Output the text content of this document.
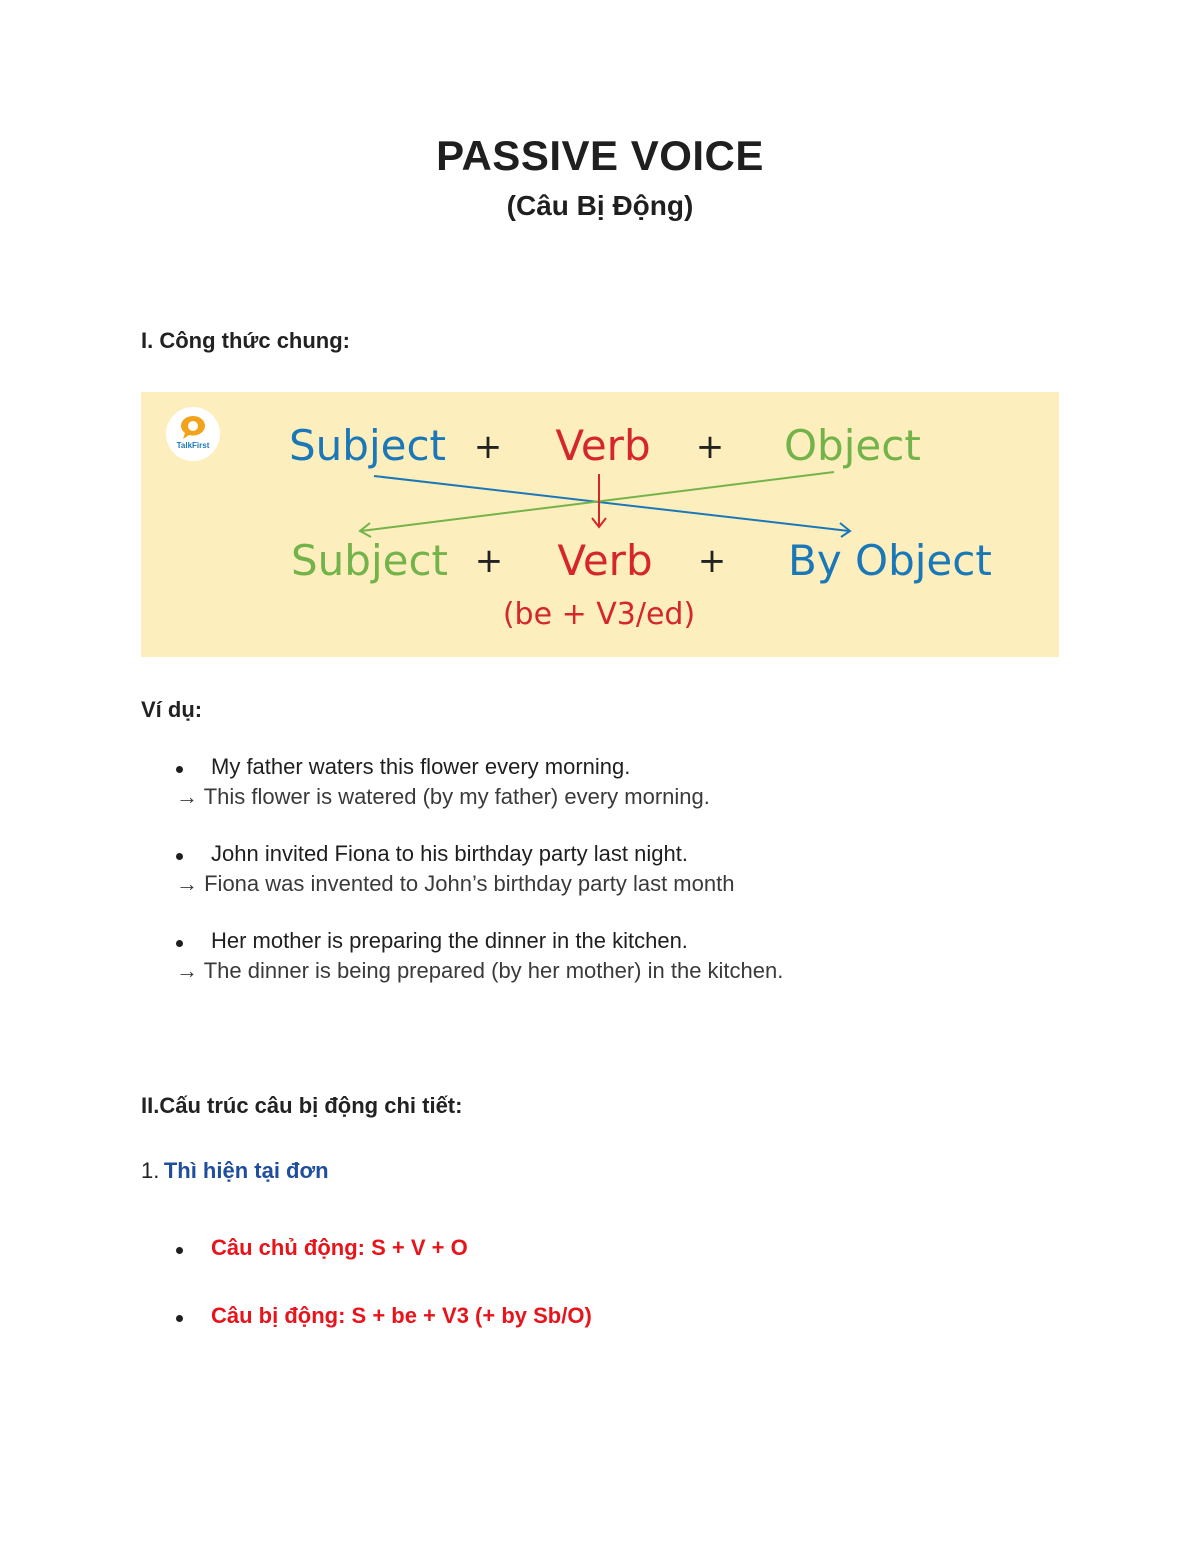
PASSIVE VOICE
(Câu Bị Động)
I. Công thức chung:
TalkFirst Subject + Verb + Object
Subject + Verb + By Object
(be + V3/ed)
Ví dụ:
My father waters this flower every morning.
→ This flower is watered (by my father) every morning.
John invited Fiona to his birthday party last night.
→ Fiona was invented to John’s birthday party last month
Her mother is preparing the dinner in the kitchen.
→ The dinner is being prepared (by her mother) in the kitchen.
II.Cấu trúc câu bị động chi tiết:
1. Thì hiện tại đơn
Câu chủ động: S + V + O
Câu bị động: S + be + V3 (+ by Sb/O)
